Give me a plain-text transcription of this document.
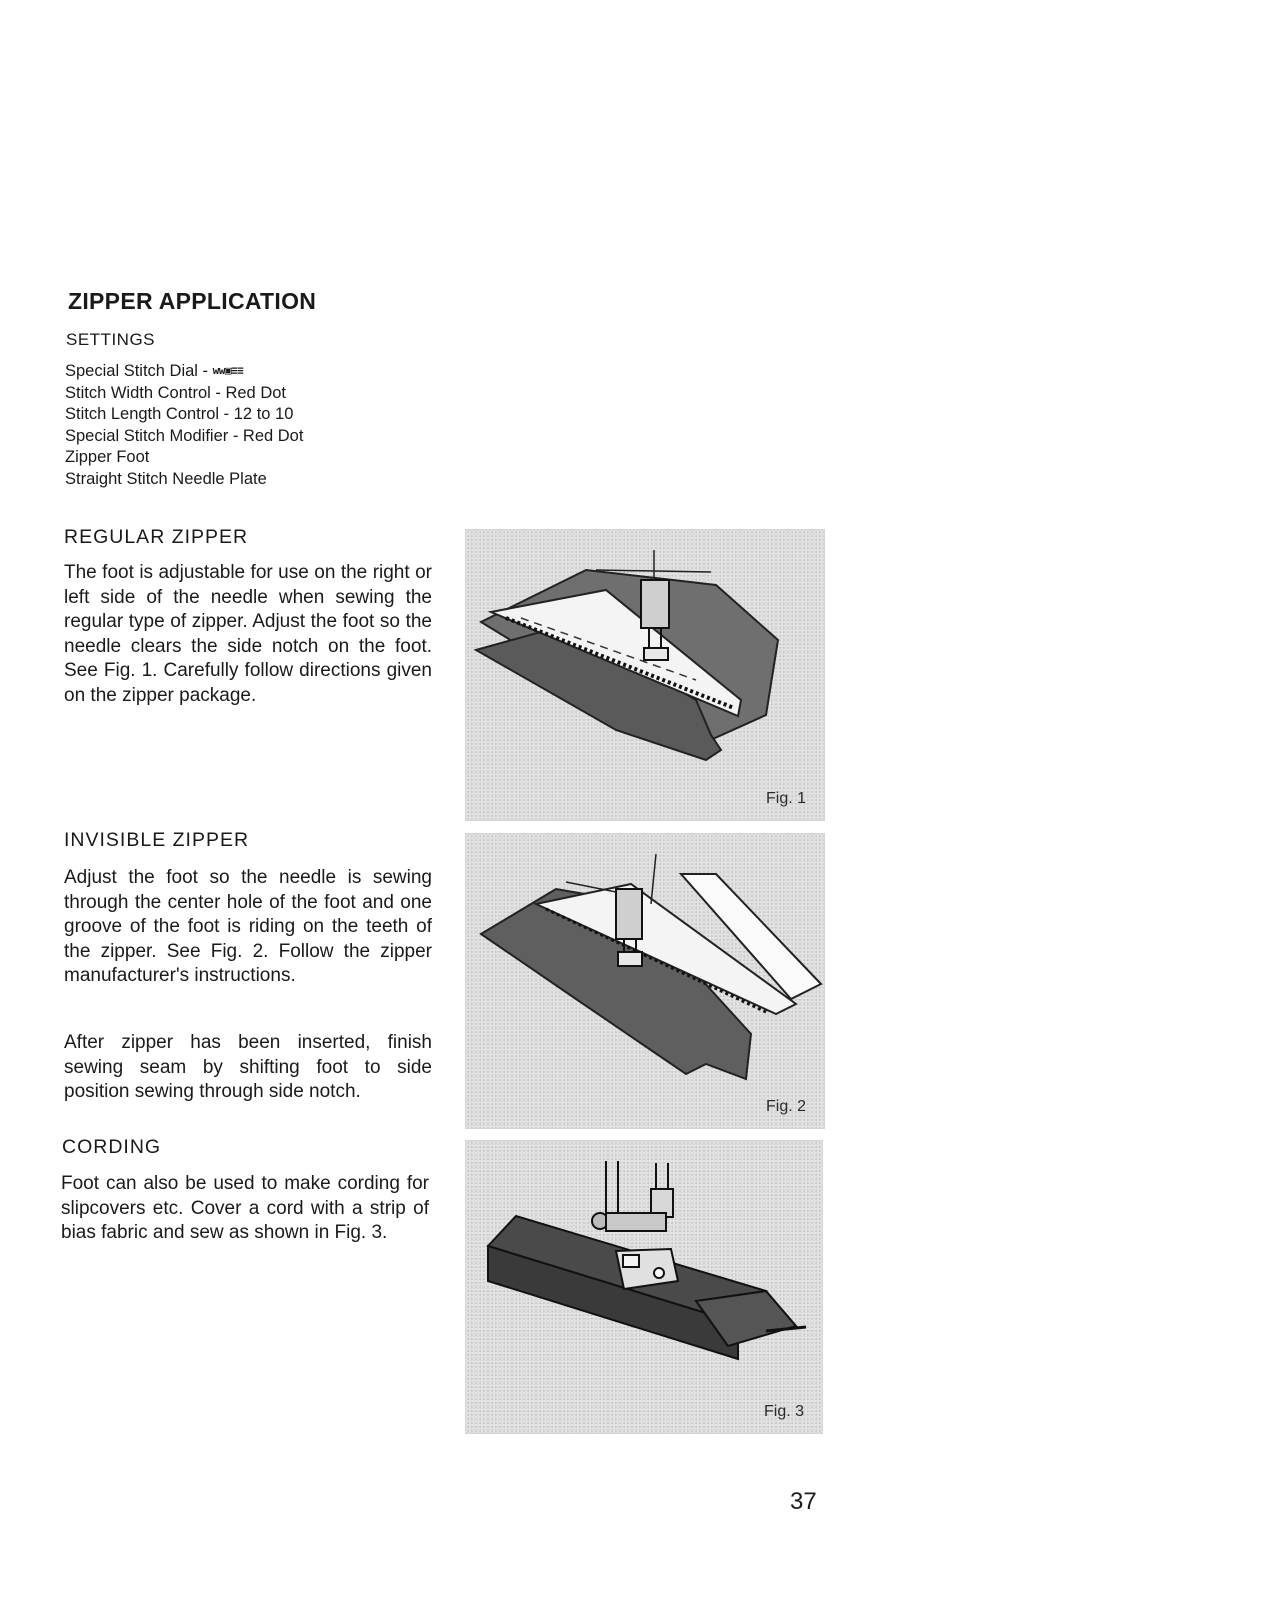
ZIPPER APPLICATION
SETTINGS
Special Stitch Dial - ww▣≡≡
Stitch Width Control - Red Dot
Stitch Length Control - 12 to 10
Special Stitch Modifier - Red Dot
Zipper Foot
Straight Stitch Needle Plate
REGULAR ZIPPER

The foot is adjustable for use on the right or left side of the needle when sewing the regular type of zipper. Adjust the foot so the needle clears the side notch on the foot. See Fig. 1. Carefully follow directions given on the zipper package.

INVISIBLE ZIPPER

Adjust the foot so the needle is sewing through the center hole of the foot and one groove of the foot is riding on the teeth of the zipper. See Fig. 2. Follow the zipper manufacturer's instructions.

After zipper has been inserted, finish sewing seam by shifting foot to side position sewing through side notch.

CORDING

Foot can also be used to make cording for slipcovers etc. Cover a cord with a strip of bias fabric and sew as shown in Fig. 3.

Fig. 1
Fig. 2
Fig. 3
37
